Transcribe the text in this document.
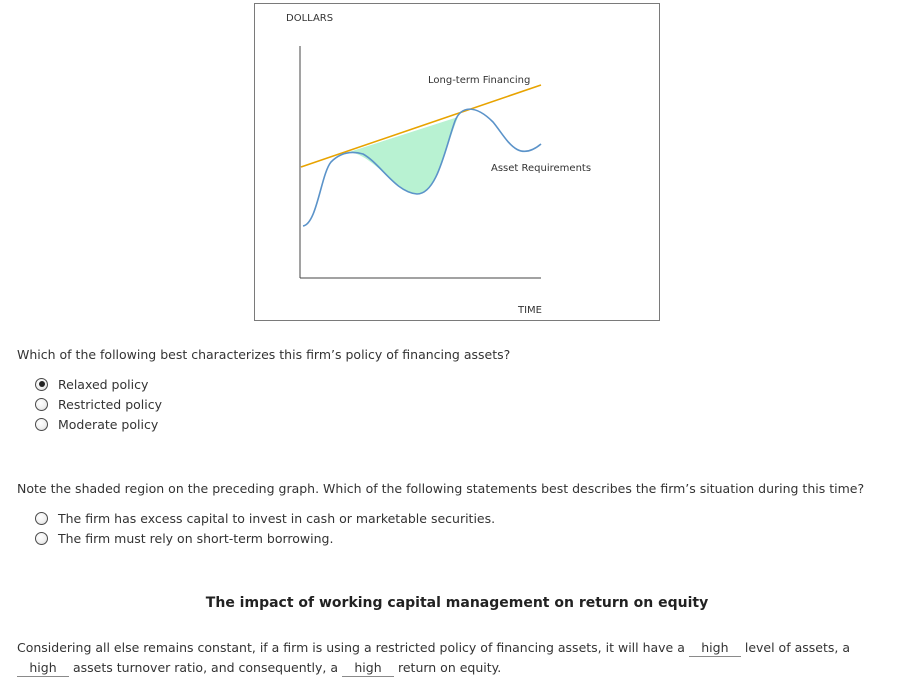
DOLLARS
Long-term Financing
Asset Requirements
TIME
Which of the following best characterizes this firm’s policy of financing assets?
Relaxed policy
Restricted policy
Moderate policy
Note the shaded region on the preceding graph. Which of the following statements best describes the firm’s situation during this time?
The firm has excess capital to invest in cash or marketable securities.
The firm must rely on short-term borrowing.
The impact of working capital management on return on equity
Considering all else remains constant, if a firm is using a restricted policy of financing assets, it will have a high level of assets, a high assets turnover ratio, and consequently, a high return on equity.
